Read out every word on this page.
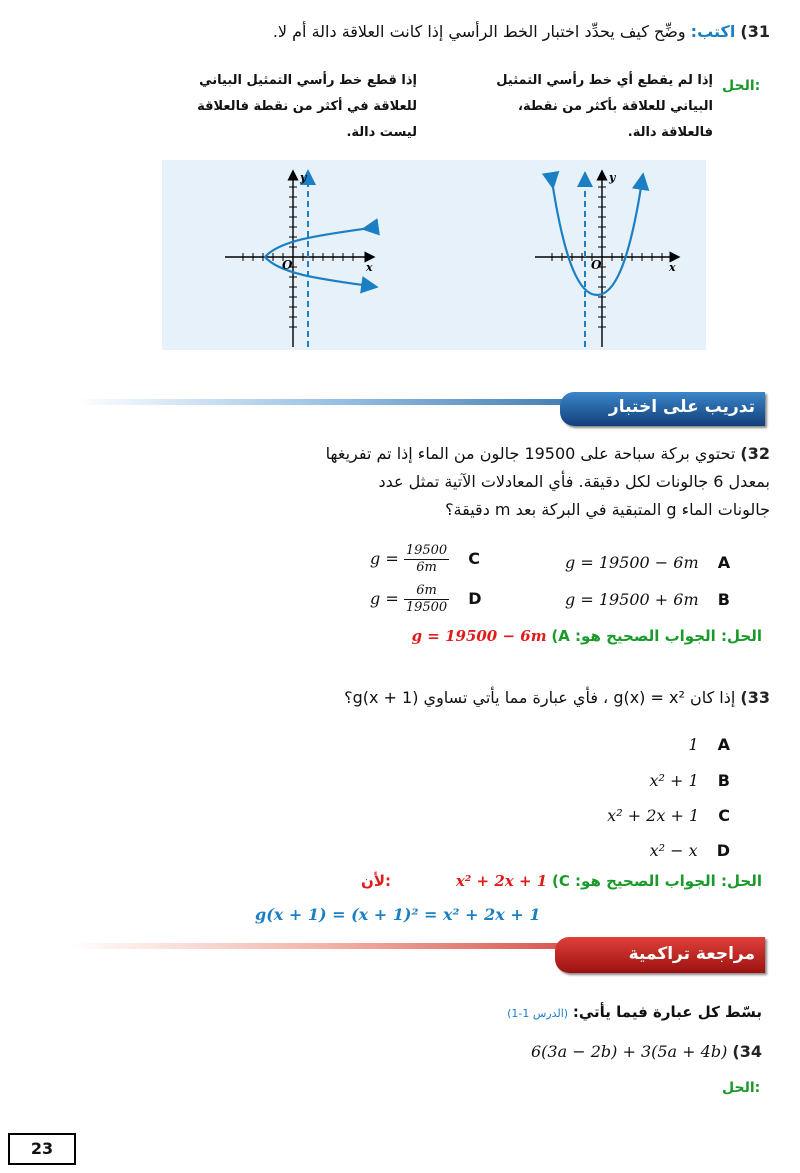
31) اكتب: وضِّح كيف يحدِّد اختبار الخط الرأسي إذا كانت العلاقة دالة أم لا.
الحل:
إذا لم يقطع أي خط رأسي التمثيل البياني للعلاقة بأكثر من نقطة، فالعلاقة دالة.
إذا قطع خط رأسي التمثيل البياني للعلاقة في أكثر من نقطة فالعلاقة ليست دالة.
y
x
O
y
x
O
تدريب على اختبار
32) تحتوي بركة سباحة على 19500 جالون من الماء إذا تم تفريغها
بمعدل 6 جالونات لكل دقيقة. فأي المعادلات الآتية تمثل عدد
جالونات الماء g المتبقية في البركة بعد m دقيقة؟
g = 19500 − 6m A
g = 19500 + 6m B
$g = \frac{19500}{6m}$ C
$g = \frac{6m}{19500}$ D
g = 19500 − 6m الحل: الجواب الصحيح هو: A)
33) إذا كان g(x) = x² ، فأي عبارة مما يأتي تساوي g(x + 1)؟
1 A
x² + 1 B
x² + 2x + 1 C
x² − x D
لأن:	x² + 2x + 1 الحل: الجواب الصحيح هو: C)
g(x + 1) = (x + 1)² = x² + 2x + 1
مراجعة تراكمية
بسّط كل عبارة فيما يأتي: (الدرس 1-1)
6(3a − 2b) + 3(5a + 4b) (34
الحل:
23
